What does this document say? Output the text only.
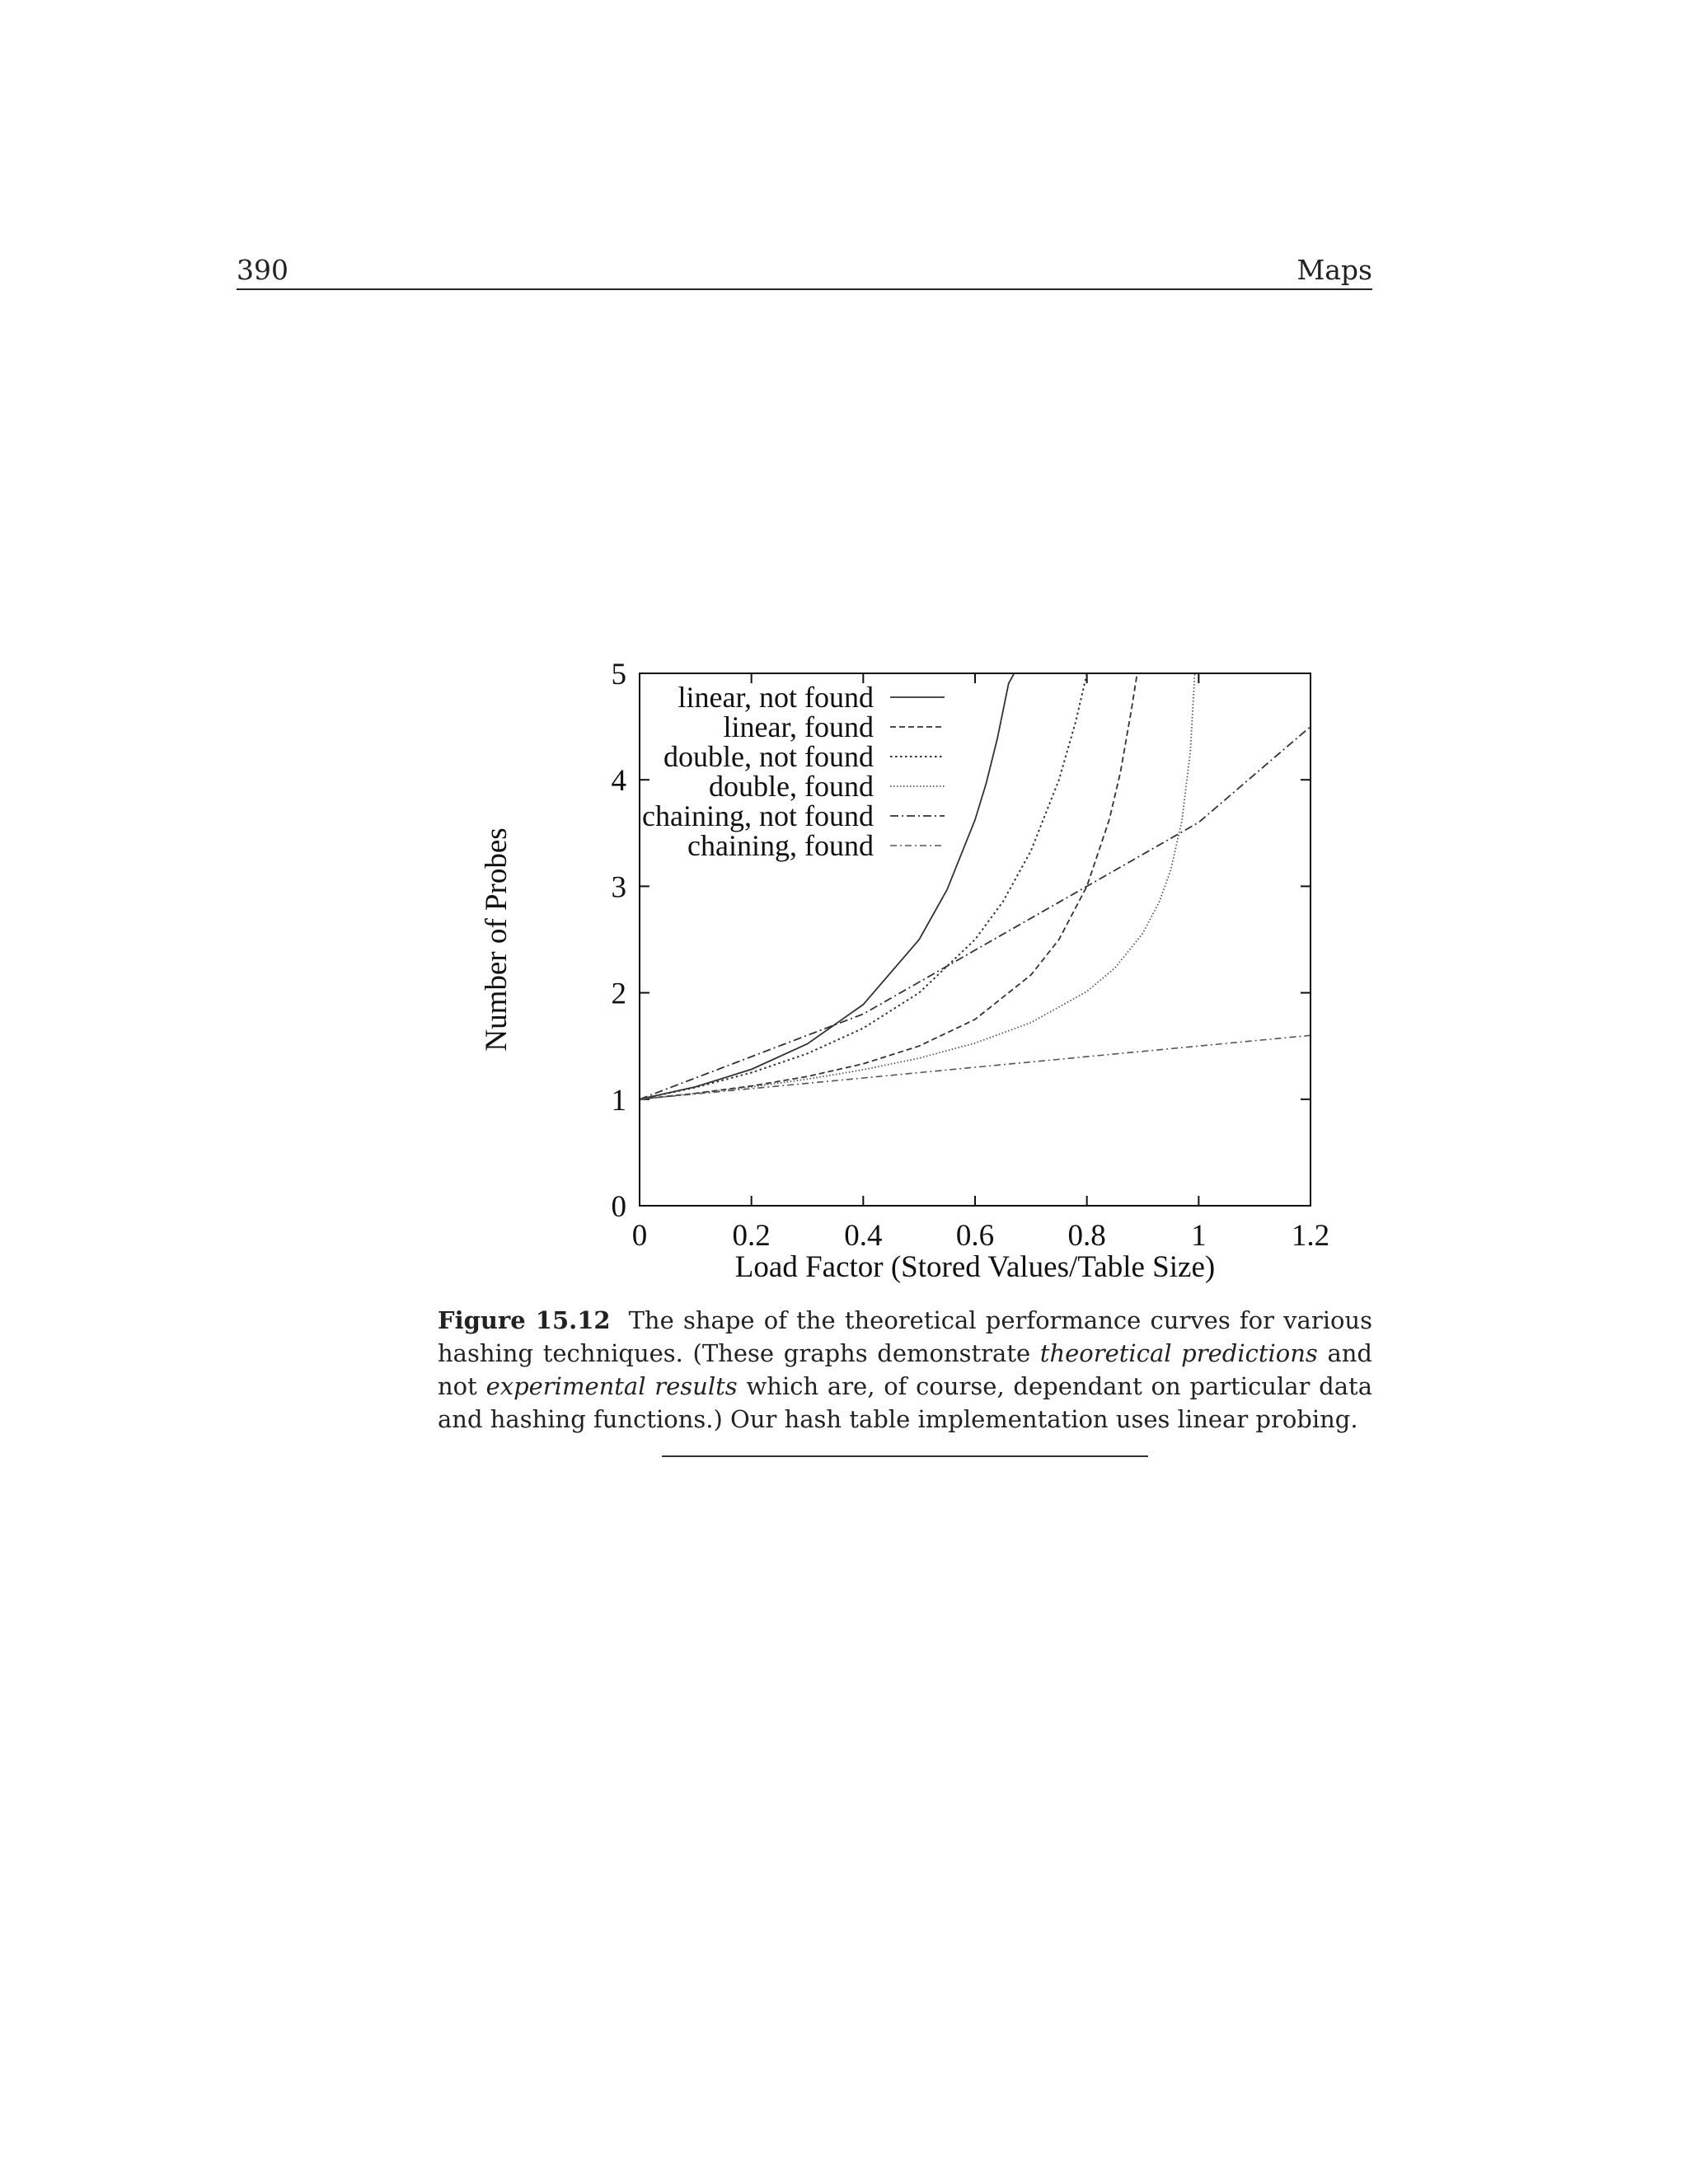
390	Maps
linear, not found
linear, found
double, not found
double, found
chaining, not found
chaining, found
0	0.2 0.4 0.6 0.8	1	1.2
0
1
2
3
4
5
Load Factor (Stored Values/Table Size)
Number of Probes
Figure 15.12 The shape of the theoretical performance curves for various hashing techniques. (These graphs demonstrate theoretical predictions and not experimental results which are, of course, dependant on particular data and hashing functions.) Our hash table implementation uses linear probing.
